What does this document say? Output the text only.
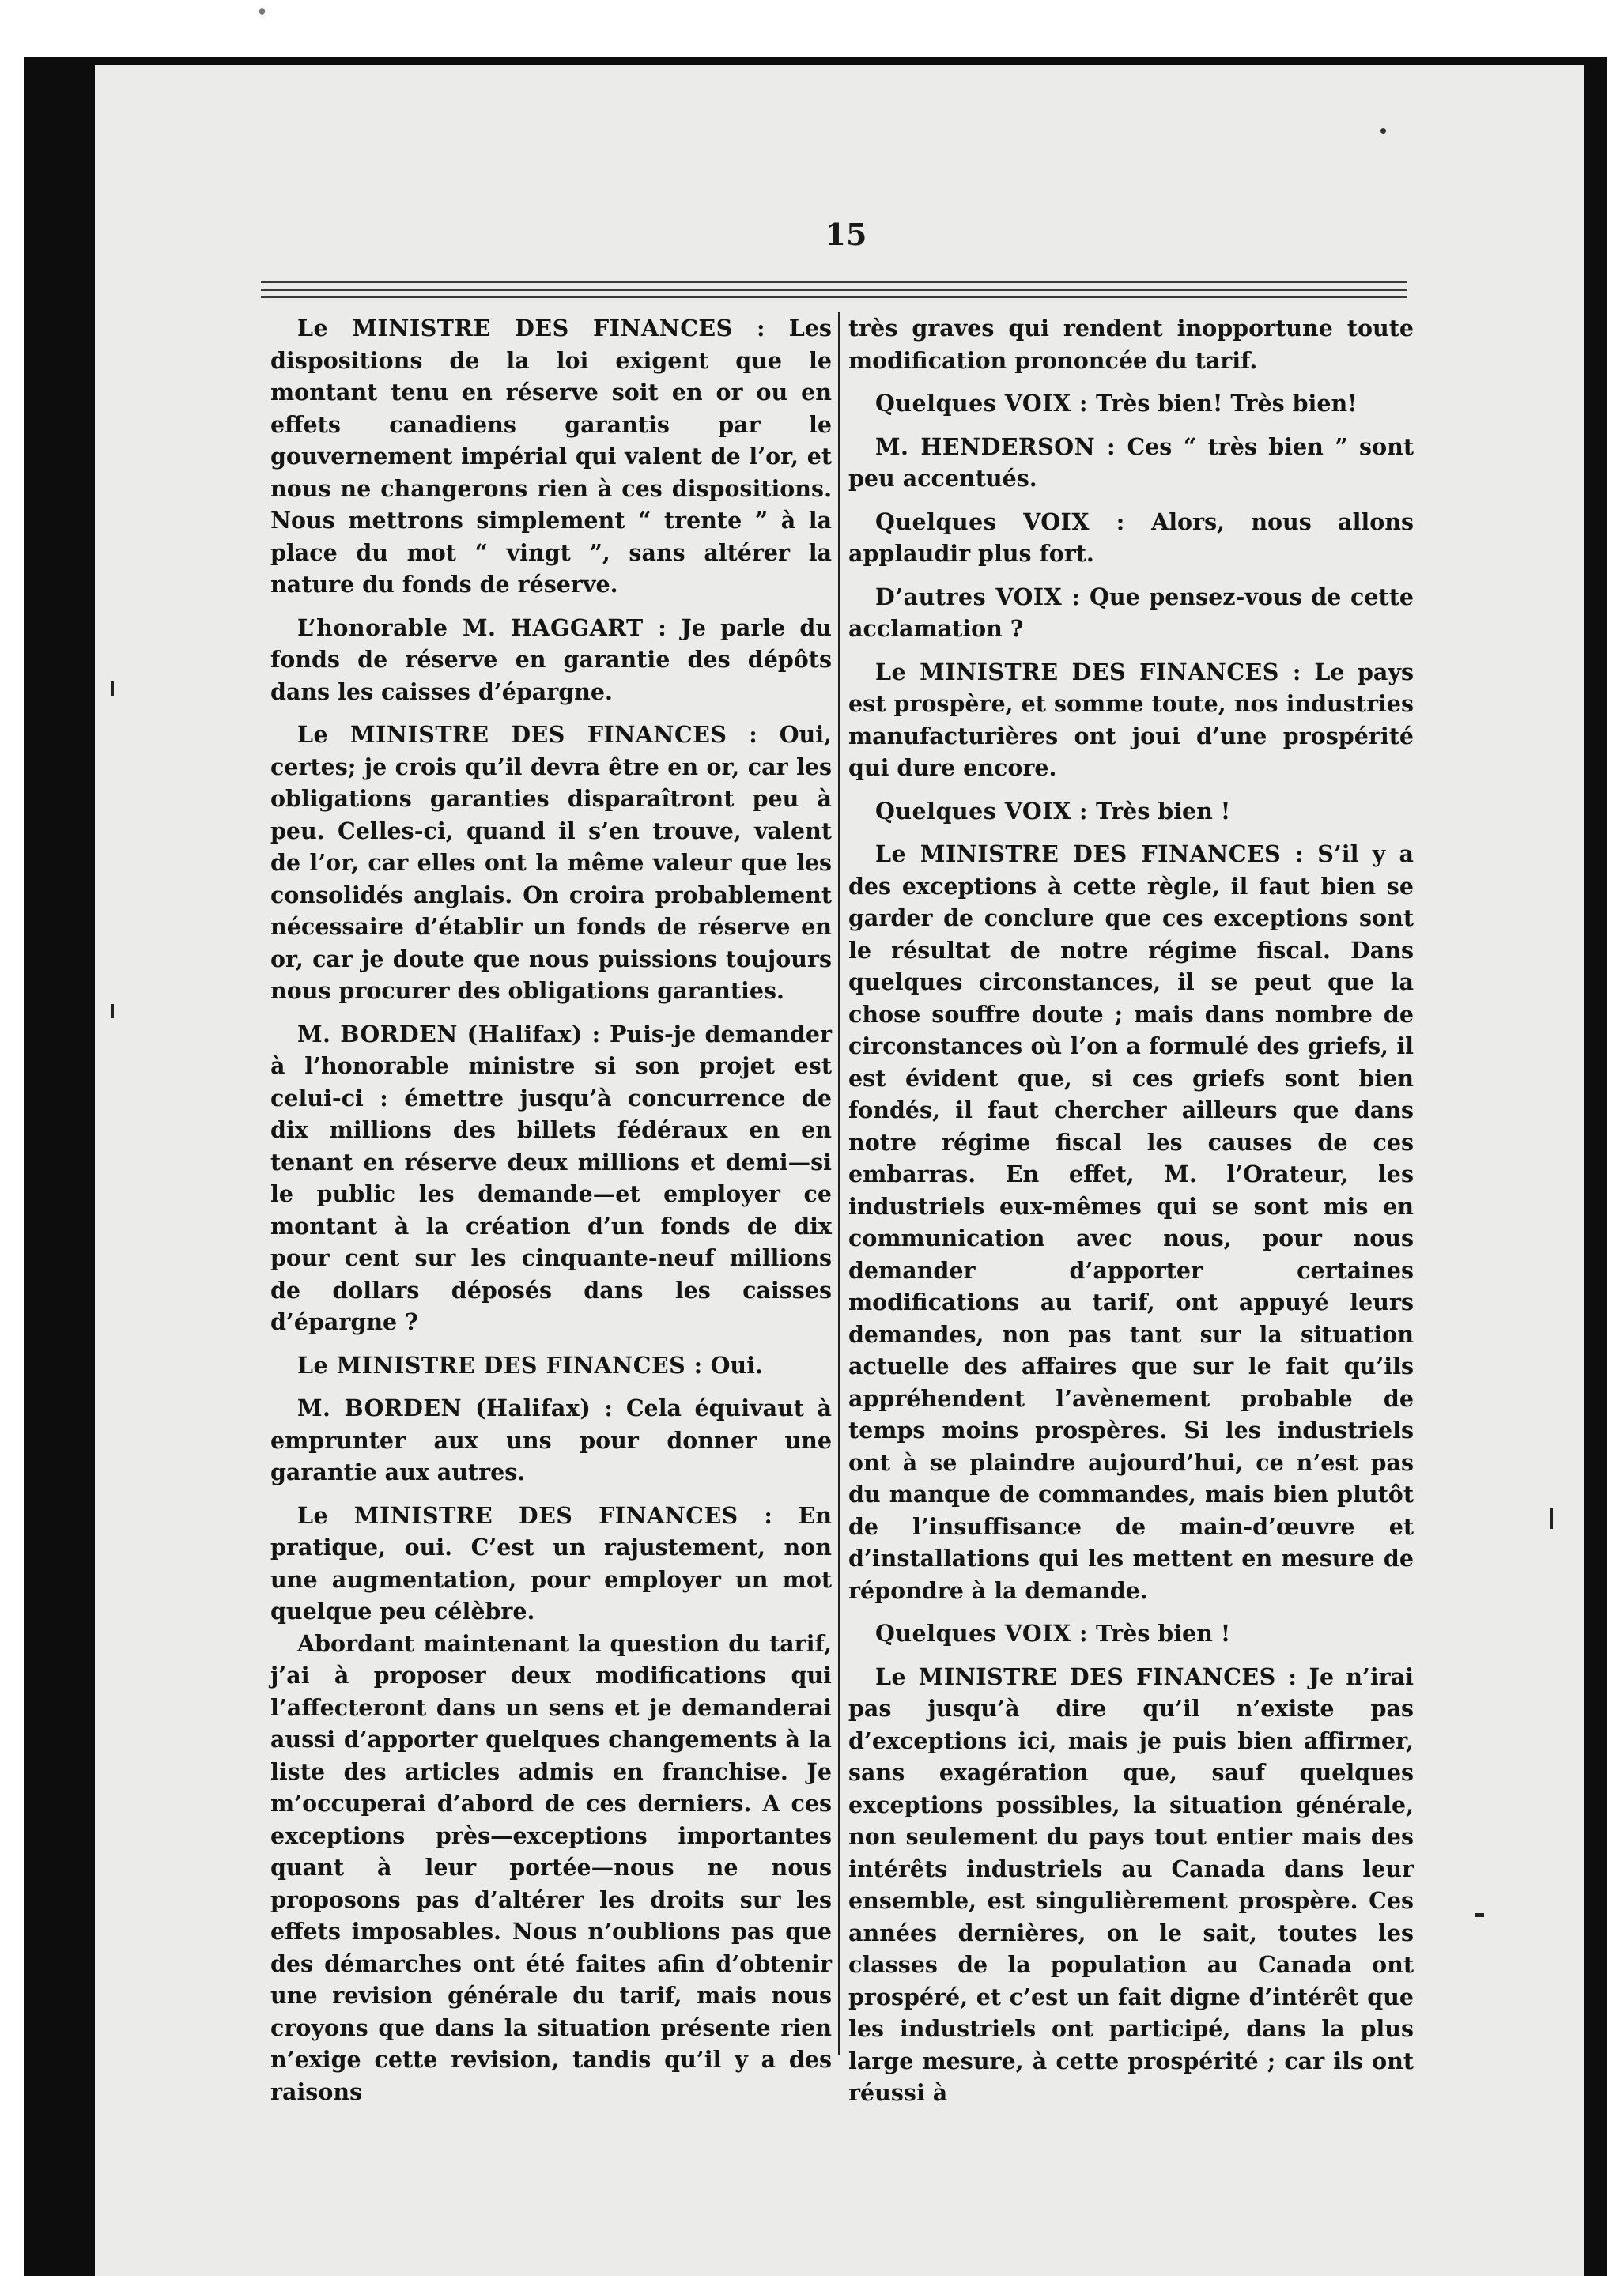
15

Le MINISTRE DES FINANCES : Les dispositions de la loi exigent que le montant tenu en réserve soit en or ou en effets canadiens garantis par le gouvernement impérial qui valent de l’or, et nous ne changerons rien à ces dispositions. Nous mettrons simplement “ trente ” à la place du mot “ vingt ”, sans altérer la nature du fonds de réserve.

L’honorable M. HAGGART : Je parle du fonds de réserve en garantie des dépôts dans les caisses d’épargne.

Le MINISTRE DES FINANCES : Oui, certes; je crois qu’il devra être en or, car les obligations garanties disparaîtront peu à peu. Celles-ci, quand il s’en trouve, valent de l’or, car elles ont la même valeur que les consolidés anglais. On croira probablement nécessaire d’établir un fonds de réserve en or, car je doute que nous puissions toujours nous procurer des obligations garanties.

M. BORDEN (Halifax) : Puis-je demander à l’honorable ministre si son projet est celui-ci : émettre jusqu’à concurrence de dix millions des billets fédéraux en en tenant en réserve deux millions et demi—si le public les demande—et employer ce montant à la création d’un fonds de dix pour cent sur les cinquante-neuf millions de dollars déposés dans les caisses d’épargne ?

Le MINISTRE DES FINANCES : Oui.

M. BORDEN (Halifax) : Cela équivaut à emprunter aux uns pour donner une garantie aux autres.

Le MINISTRE DES FINANCES : En pratique, oui. C’est un rajustement, non une augmentation, pour employer un mot quelque peu célèbre.

Abordant maintenant la question du tarif, j’ai à proposer deux modifications qui l’affecteront dans un sens et je demanderai aussi d’apporter quelques changements à la liste des articles admis en franchise. Je m’occuperai d’abord de ces derniers. A ces exceptions près—exceptions importantes quant à leur portée—nous ne nous proposons pas d’altérer les droits sur les effets imposables. Nous n’oublions pas que des démarches ont été faites afin d’obtenir une revision générale du tarif, mais nous croyons que dans la situation présente rien n’exige cette revision, tandis qu’il y a des raisons

très graves qui rendent inopportune toute modification prononcée du tarif.

Quelques VOIX : Très bien! Très bien!

M. HENDERSON : Ces “ très bien ” sont peu accentués.

Quelques VOIX : Alors, nous allons applaudir plus fort.

D’autres VOIX : Que pensez-vous de cette acclamation ?

Le MINISTRE DES FINANCES : Le pays est prospère, et somme toute, nos industries manufacturières ont joui d’une prospérité qui dure encore.

Quelques VOIX : Très bien !

Le MINISTRE DES FINANCES : S’il y a des exceptions à cette règle, il faut bien se garder de conclure que ces exceptions sont le résultat de notre régime fiscal. Dans quelques circonstances, il se peut que la chose souffre doute ; mais dans nombre de circonstances où l’on a formulé des griefs, il est évident que, si ces griefs sont bien fondés, il faut chercher ailleurs que dans notre régime fiscal les causes de ces embarras. En effet, M. l’Orateur, les industriels eux-mêmes qui se sont mis en communication avec nous, pour nous demander d’apporter certaines modifications au tarif, ont appuyé leurs demandes, non pas tant sur la situation actuelle des affaires que sur le fait qu’ils appréhendent l’avènement probable de temps moins prospères. Si les industriels ont à se plaindre aujourd’hui, ce n’est pas du manque de commandes, mais bien plutôt de l’insuffisance de main-d’œuvre et d’installations qui les mettent en mesure de répondre à la demande.

Quelques VOIX : Très bien !

Le MINISTRE DES FINANCES : Je n’irai pas jusqu’à dire qu’il n’existe pas d’exceptions ici, mais je puis bien affirmer, sans exagération que, sauf quelques exceptions possibles, la situation générale, non seulement du pays tout entier mais des intérêts industriels au Canada dans leur ensemble, est singulièrement prospère. Ces années dernières, on le sait, toutes les classes de la population au Canada ont prospéré, et c’est un fait digne d’intérêt que les industriels ont participé, dans la plus large mesure, à cette prospérité ; car ils ont réussi à
